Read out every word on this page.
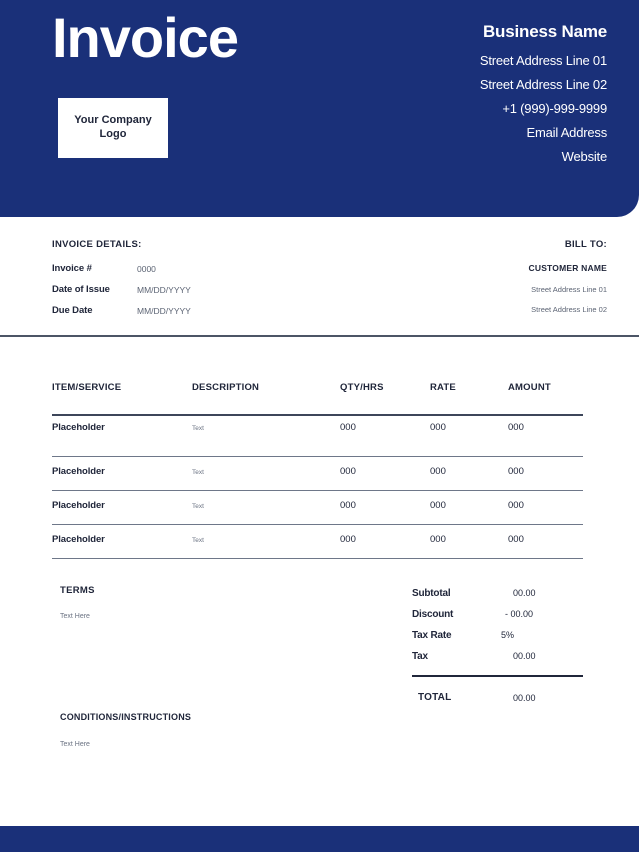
Invoice
Your Company Logo
Business Name
Street Address Line 01
Street Address Line 02
+1 (999)-999-9999
Email Address
Website
INVOICE DETAILS:
Invoice #	0000
Date of Issue	MM/DD/YYYY
Due Date	MM/DD/YYYY
BILL TO:
CUSTOMER NAME
Street Address Line 01
Street Address Line 02
ITEM/SERVICE	DESCRIPTION	QTY/HRS	RATE	AMOUNT
Placeholder	Text	000	000	000
Placeholder	Text	000	000	000
Placeholder	Text	000	000	000
Placeholder	Text	000	000	000
TERMS
Text Here
CONDITIONS/INSTRUCTIONS
Text Here
Subtotal	00.00
Discount	- 00.00
Tax Rate	5%
Tax	00.00
TOTAL	00.00
